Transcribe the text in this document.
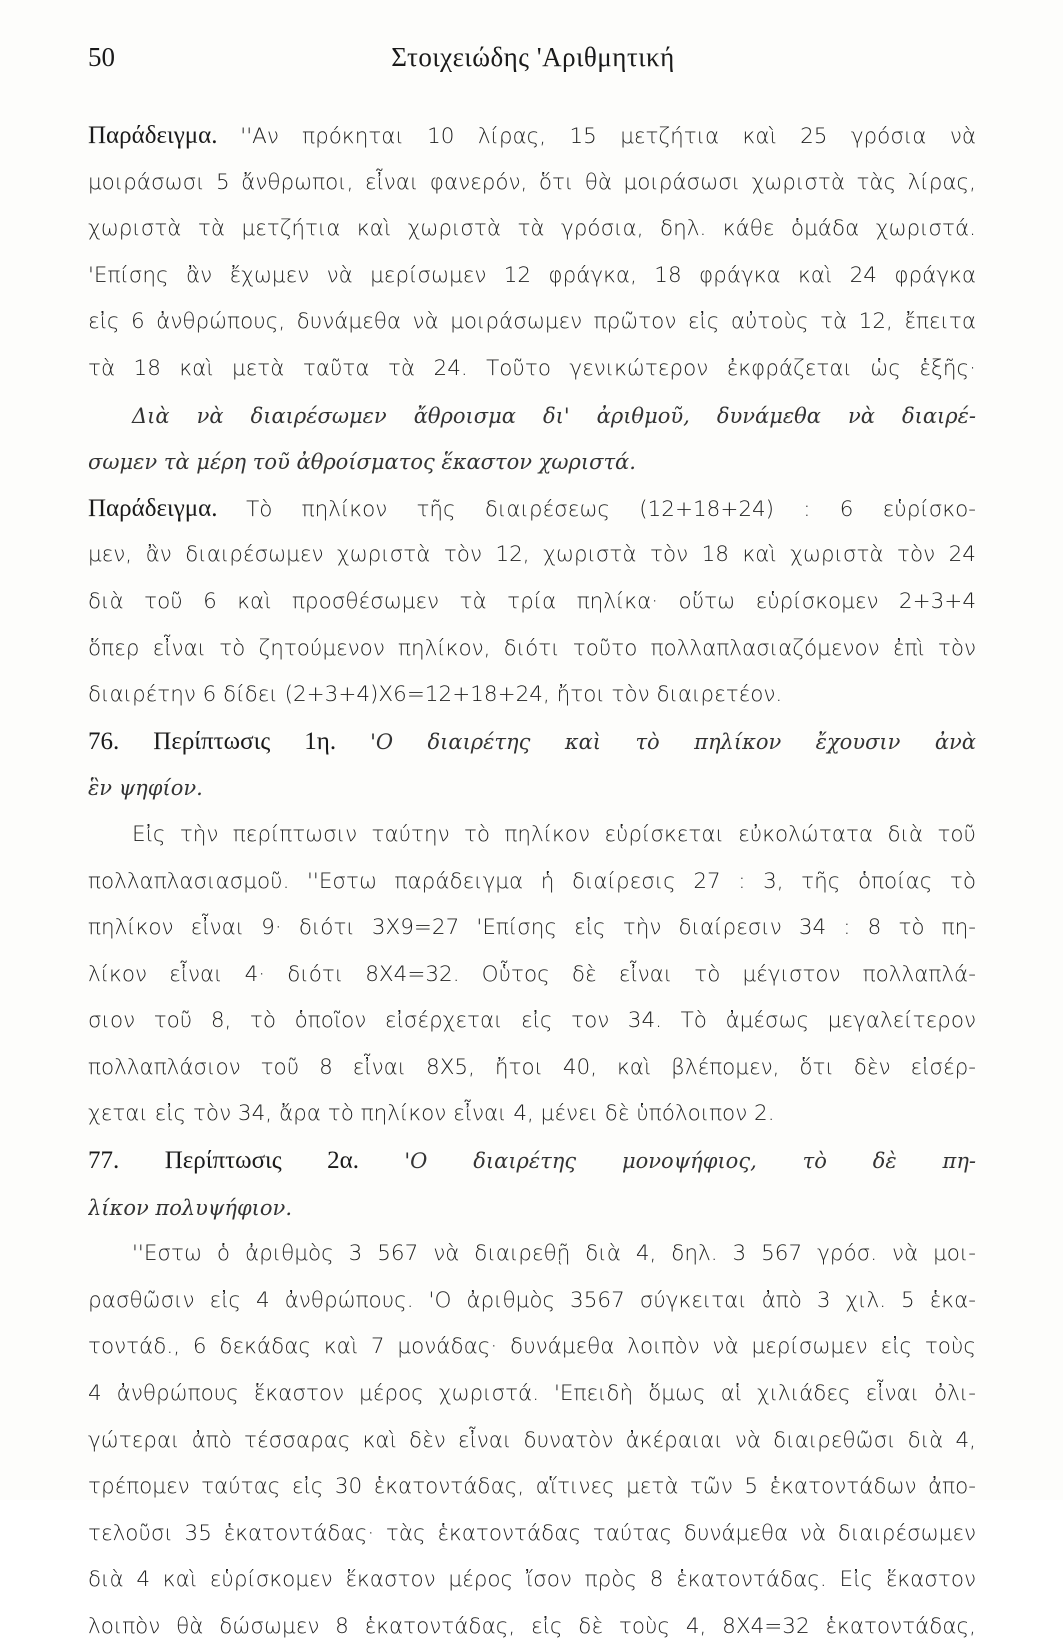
50	Στοιχειώδης 'Αριθμητική
Παράδειγμα. ''Αν πρόκηται 10 λίρας, 15 μετζήτια καὶ 25 γρόσια νὰ
μοιράσωσι 5 ἄνθρωποι, εἶναι φανερόν, ὅτι θὰ μοιράσωσι χωριστὰ τὰς λίρας,
χωριστὰ τὰ μετζήτια καὶ χωριστὰ τὰ γρόσια, δηλ. κάθε ὁμάδα χωριστά.
'Επίσης ἂν ἔχωμεν νὰ μερίσωμεν 12 φράγκα, 18 φράγκα καὶ 24 φράγκα
εἰς 6 ἀνθρώπους, δυνάμεθα νὰ μοιράσωμεν πρῶτον εἰς αὐτοὺς τὰ 12, ἔπειτα
τὰ 18 καὶ μετὰ ταῦτα τὰ 24. Τοῦτο γενικώτερον ἐκφράζεται ὡς ἑξῆς·
Διὰ νὰ διαιρέσωμεν ἄθροισμα δι' ἀριθμοῦ, δυνάμεθα νὰ διαιρέ-
σωμεν τὰ μέρη τοῦ ἀθροίσματος ἕκαστον χωριστά.
Παράδειγμα. Τὸ πηλίκον τῆς διαιρέσεως (12+18+24) : 6 εὑρίσκο-
μεν, ἂν διαιρέσωμεν χωριστὰ τὸν 12, χωριστὰ τὸν 18 καὶ χωριστὰ τὸν 24
διὰ τοῦ 6 καὶ προσθέσωμεν τὰ τρία πηλίκα· οὕτω εὑρίσκομεν 2+3+4
ὅπερ εἶναι τὸ ζητούμενον πηλίκον, διότι τοῦτο πολλαπλασιαζόμενον ἐπὶ τὸν
διαιρέτην 6 δίδει (2+3+4)X6=12+18+24, ἤτοι τὸν διαιρετέον.
76. Περίπτωσις 1η. 'Ο διαιρέτης καὶ τὸ πηλίκον ἔχουσιν ἀνὰ
ἓν ψηφίον.
Εἰς τὴν περίπτωσιν ταύτην τὸ πηλίκον εὑρίσκεται εὐκολώτατα διὰ τοῦ
πολλαπλασιασμοῦ. ''Εστω παράδειγμα ἡ διαίρεσις 27 : 3, τῆς ὁποίας τὸ
πηλίκον εἶναι 9· διότι 3X9=27 'Επίσης εἰς τὴν διαίρεσιν 34 : 8 τὸ πη-
λίκον εἶναι 4· διότι 8X4=32. Οὗτος δὲ εἶναι τὸ μέγιστον πολλαπλά-
σιον τοῦ 8, τὸ ὁποῖον εἰσέρχεται εἰς τον 34. Τὸ ἀμέσως μεγαλείτερον
πολλαπλάσιον τοῦ 8 εἶναι 8X5, ἤτοι 40, καὶ βλέπομεν, ὅτι δὲν εἰσέρ-
χεται εἰς τὸν 34, ἄρα τὸ πηλίκον εἶναι 4, μένει δὲ ὑπόλοιπον 2.
77. Περίπτωσις 2α. 'Ο διαιρέτης μονοψήφιος, τὸ δὲ πη-
λίκον πολυψήφιον.
''Εστω ὁ ἀριθμὸς 3 567 νὰ διαιρεθῇ διὰ 4, δηλ. 3 567 γρόσ. νὰ μοι-
ρασθῶσιν εἰς 4 ἀνθρώπους. 'Ο ἀριθμὸς 3567 σύγκειται ἀπὸ 3 χιλ. 5 ἑκα-
τοντάδ., 6 δεκάδας καὶ 7 μονάδας· δυνάμεθα λοιπὸν νὰ μερίσωμεν εἰς τοὺς
4 ἀνθρώπους ἕκαστον μέρος χωριστά. 'Επειδὴ ὅμως αἱ χιλιάδες εἶναι ὀλι-
γώτεραι ἀπὸ τέσσαρας καὶ δὲν εἶναι δυνατὸν ἀκέραιαι νὰ διαιρεθῶσι διὰ 4,
τρέπομεν ταύτας εἰς 30 ἑκατοντάδας, αἵτινες μετὰ τῶν 5 ἑκατοντάδων ἀπο-
τελοῦσι 35 ἑκατοντάδας· τὰς ἑκατοντάδας ταύτας δυνάμεθα νὰ διαιρέσωμεν
διὰ 4 καὶ εὑρίσκομεν ἕκαστον μέρος ἴσον πρὸς 8 ἑκατοντάδας. Εἰς ἕκαστον
λοιπὸν θὰ δώσωμεν 8 ἑκατοντάδας, εἰς δὲ τοὺς 4, 8X4=32 ἑκατοντάδας,
